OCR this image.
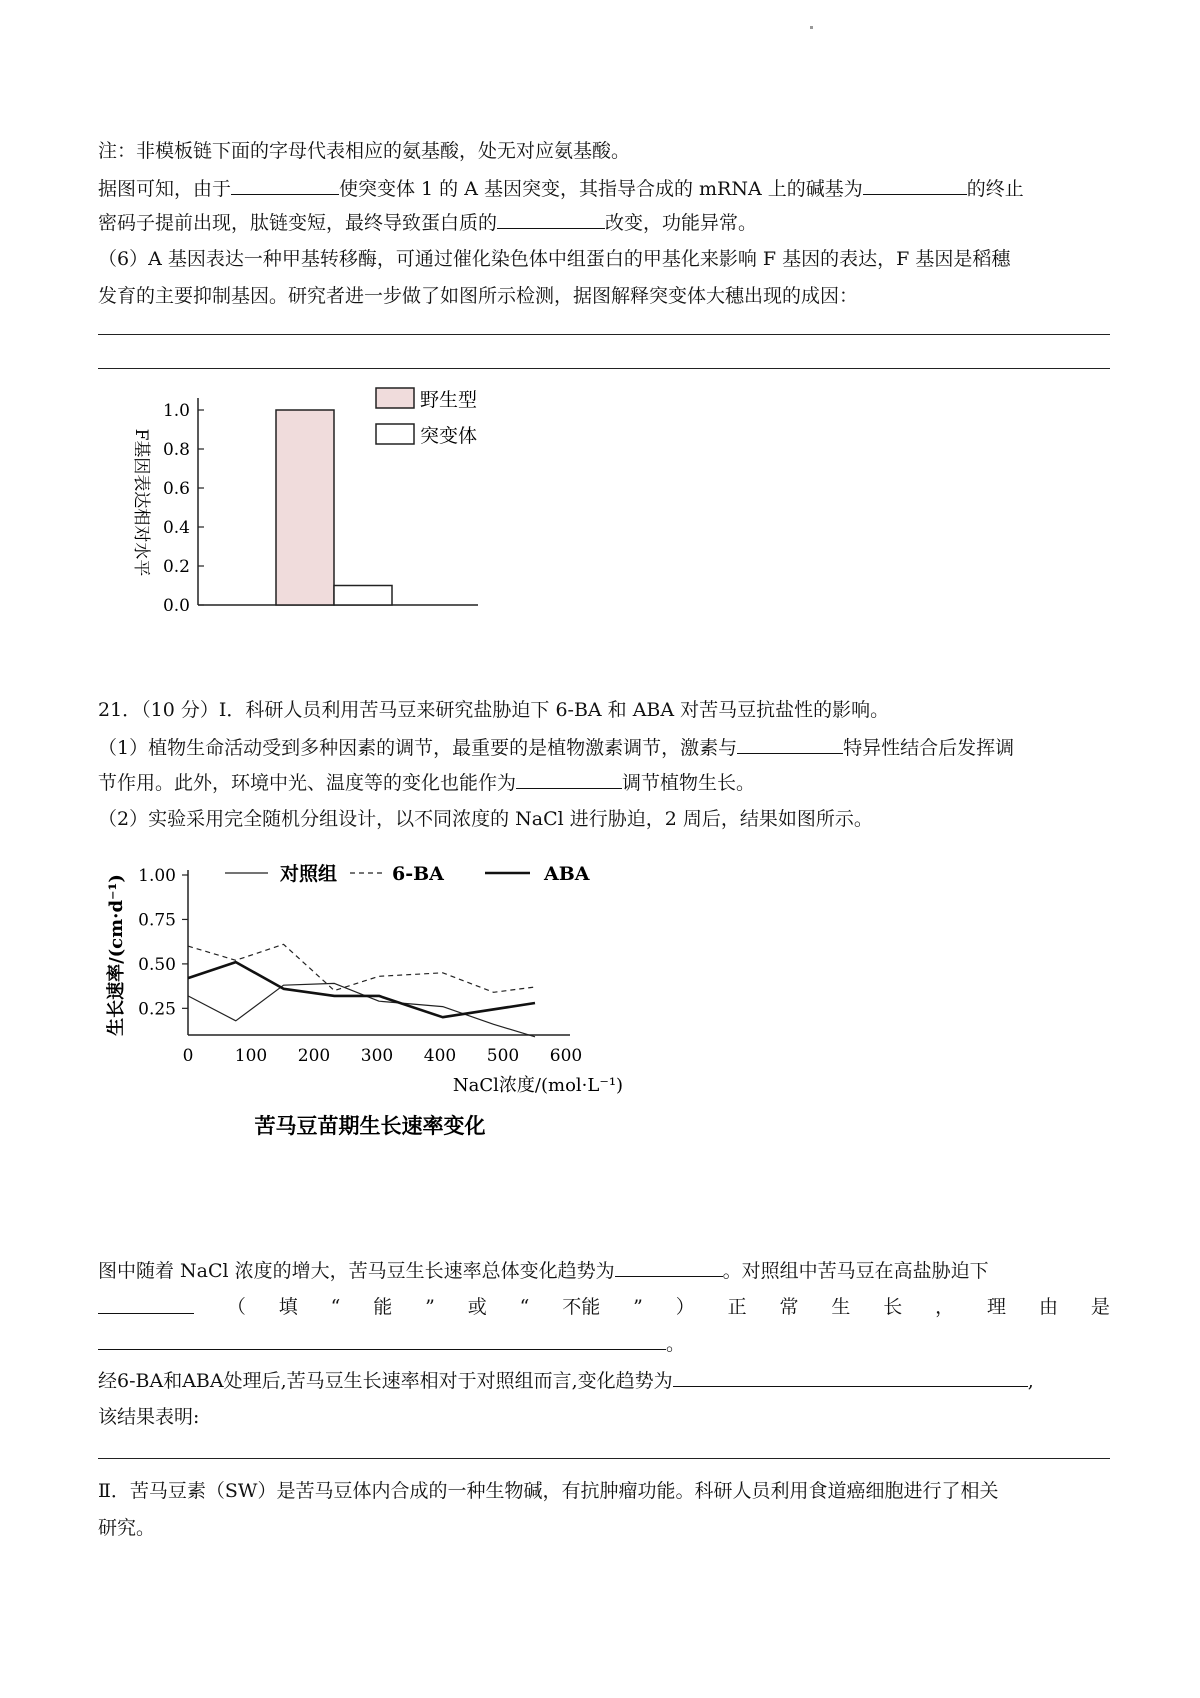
注：非模板链下面的字母代表相应的氨基酸，处无对应氨基酸。
据图可知，由于	使突变体 1 的 A 基因突变，其指导合成的 mRNA 上的碱基为	的终止
密码子提前出现，肽链变短，最终导致蛋白质的	改变，功能异常。
（6）A 基因表达一种甲基转移酶，可通过催化染色体中组蛋白的甲基化来影响 F 基因的表达，F 基因是稻穗
发育的主要抑制基因。研究者进一步做了如图所示检测，据图解释突变体大穗出现的成因：
F基因表达相对水平
1.0
0.8
0.6
0.4
0.2
0.0
野生型
突变体
21．（10 分）I．科研人员利用苦马豆来研究盐胁迫下 6-BA 和 ABA 对苦马豆抗盐性的影响。
（1）植物生命活动受到多种因素的调节，最重要的是植物激素调节，激素与	特异性结合后发挥调
节作用。此外，环境中光、温度等的变化也能作为	调节植物生长。
（2）实验采用完全随机分组设计，以不同浓度的 NaCl 进行胁迫，2 周后，结果如图所示。
1.00
0.75
0.50
0.25
0 100 200 300 400 500 600
对照组	6-BA	ABA
生长速率/(cm·d⁻¹)
NaCl浓度/(mol·L⁻¹)
苦马豆苗期生长速率变化
图中随着 NaCl 浓度的增大，苦马豆生长速率总体变化趋势为	。对照组中苦马豆在高盐胁迫下
（ 填 “ 能 ” 或 “ 不能 ” ） 正 常 生 长 ， 理 由 是
。
经6-BA和ABA处理后,苦马豆生长速率相对于对照组而言,变化趋势为	,
该结果表明:
Ⅱ．苦马豆素（SW）是苦马豆体内合成的一种生物碱，有抗肿瘤功能。科研人员利用食道癌细胞进行了相关
研究。
